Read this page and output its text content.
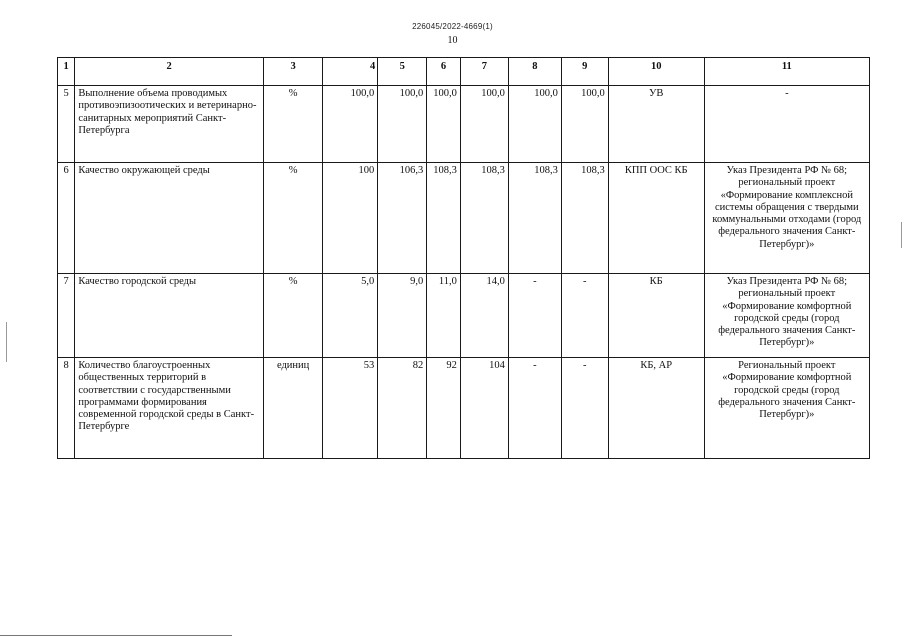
226045/2022-4669(1)
10
1	2	3	4	5	6	7	8	9	10	11
5	Выполнение объема проводимых противоэпизоотических и ветеринарно-санитарных мероприятий Санкт-Петербурга	%	100,0	100,0	100,0	100,0	100,0	100,0	УВ	-
6	Качество окружающей среды	%	100	106,3	108,3	108,3	108,3	108,3	КПП ООС КБ	Указ Президента РФ № 68; региональный проект «Формирование комплексной системы обращения с твердыми коммунальными отходами (город федерального значения Санкт-Петербург)»
7	Качество городской среды	%	5,0	9,0	11,0	14,0	-	-	КБ	Указ Президента РФ № 68; региональный проект «Формирование комфортной городской среды (город федерального значения Санкт-Петербург)»
8	Количество благоустроенных общественных территорий в соответствии с государственными программами формирования современной городской среды в Санкт-Петербурге	единиц	53	82	92	104	-	-	КБ, АР	Региональный проект «Формирование комфортной городской среды (город федерального значения Санкт-Петербург)»
